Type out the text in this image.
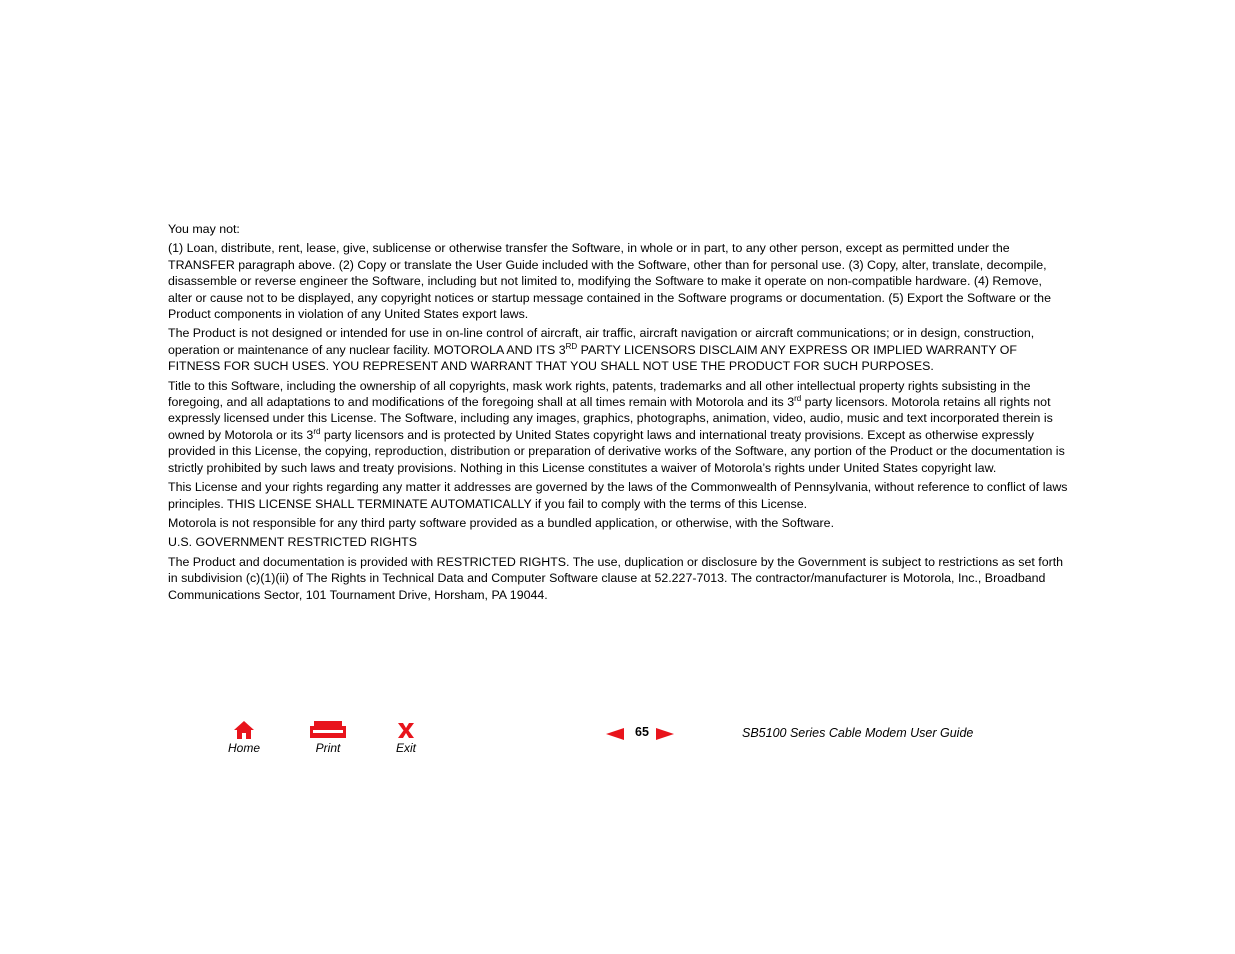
You may not:

(1) Loan, distribute, rent, lease, give, sublicense or otherwise transfer the Software, in whole or in part, to any other person, except as permitted under the TRANSFER paragraph above. (2) Copy or translate the User Guide included with the Software, other than for personal use. (3) Copy, alter, translate, decompile, disassemble or reverse engineer the Software, including but not limited to, modifying the Software to make it operate on non-compatible hardware. (4) Remove, alter or cause not to be displayed, any copyright notices or startup message contained in the Software programs or documentation. (5) Export the Software or the Product components in violation of any United States export laws.

The Product is not designed or intended for use in on-line control of aircraft, air traffic, aircraft navigation or aircraft communications; or in design, construction, operation or maintenance of any nuclear facility. MOTOROLA AND ITS 3RD PARTY LICENSORS DISCLAIM ANY EXPRESS OR IMPLIED WARRANTY OF FITNESS FOR SUCH USES. YOU REPRESENT AND WARRANT THAT YOU SHALL NOT USE THE PRODUCT FOR SUCH PURPOSES.

Title to this Software, including the ownership of all copyrights, mask work rights, patents, trademarks and all other intellectual property rights subsisting in the foregoing, and all adaptations to and modifications of the foregoing shall at all times remain with Motorola and its 3rd party licensors. Motorola retains all rights not expressly licensed under this License. The Software, including any images, graphics, photographs, animation, video, audio, music and text incorporated therein is owned by Motorola or its 3rd party licensors and is protected by United States copyright laws and international treaty provisions. Except as otherwise expressly provided in this License, the copying, reproduction, distribution or preparation of derivative works of the Software, any portion of the Product or the documentation is strictly prohibited by such laws and treaty provisions. Nothing in this License constitutes a waiver of Motorola’s rights under United States copyright law.

This License and your rights regarding any matter it addresses are governed by the laws of the Commonwealth of Pennsylvania, without reference to conflict of laws principles. THIS LICENSE SHALL TERMINATE AUTOMATICALLY if you fail to comply with the terms of this License.

Motorola is not responsible for any third party software provided as a bundled application, or otherwise, with the Software.

U.S. GOVERNMENT RESTRICTED RIGHTS

The Product and documentation is provided with RESTRICTED RIGHTS. The use, duplication or disclosure by the Government is subject to restrictions as set forth in subdivision (c)(1)(ii) of The Rights in Technical Data and Computer Software clause at 52.227-7013. The contractor/manufacturer is Motorola, Inc., Broadband Communications Sector, 101 Tournament Drive, Horsham, PA 19044.

Home	Print	Exit
65	SB5100 Series Cable Modem User Guide
